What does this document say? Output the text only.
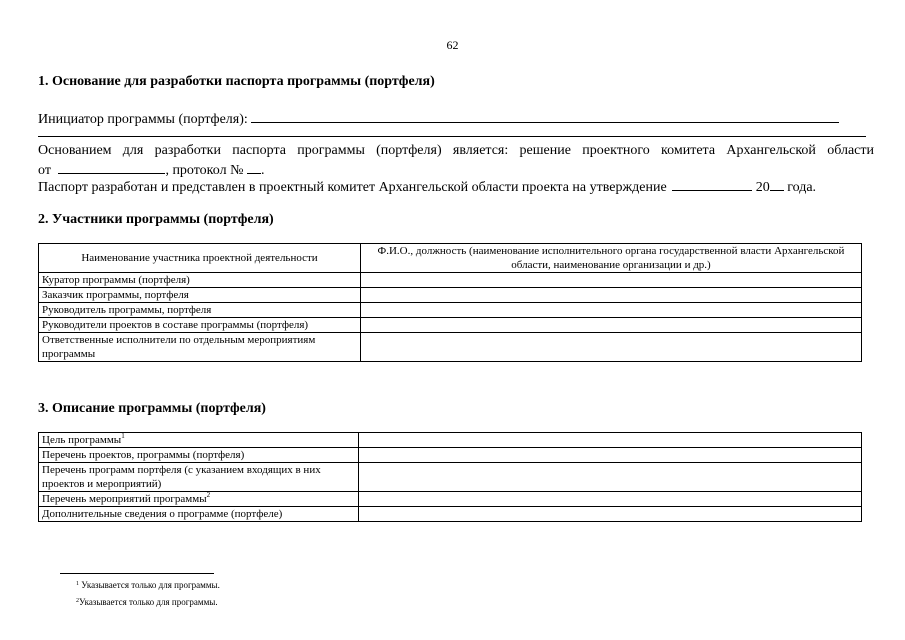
62
1. Основание для разработки паспорта программы (портфеля)
Инициатор программы (портфеля):
Основанием для разработки паспорта программы (портфеля) является: решение проектного комитета Архангельской области
от	, протокол № .
Паспорт разработан и представлен в проектный комитет Архангельской области проекта на утверждение	20 года.
2. Участники программы (портфеля)
Наименование участника проектной деятельности	Ф.И.О., должность (наименование исполнительного органа государственной власти Архангельской области, наименование организации и др.)
Куратор программы (портфеля)	
Заказчик программы, портфеля	
Руководитель программы, портфеля	
Руководители проектов в составе программы (портфеля)	
Ответственные исполнители по отдельным мероприятиям программы	
3. Описание программы (портфеля)
Цель программы$^1$	
Перечень проектов, программы (портфеля)	
Перечень программ портфеля (с указанием входящих в них проектов и мероприятий)	
Перечень мероприятий программы$^2$	
Дополнительные сведения о программе (портфеле)	
$^1$ Указывается только для программы.
$^2$Указывается только для программы.
